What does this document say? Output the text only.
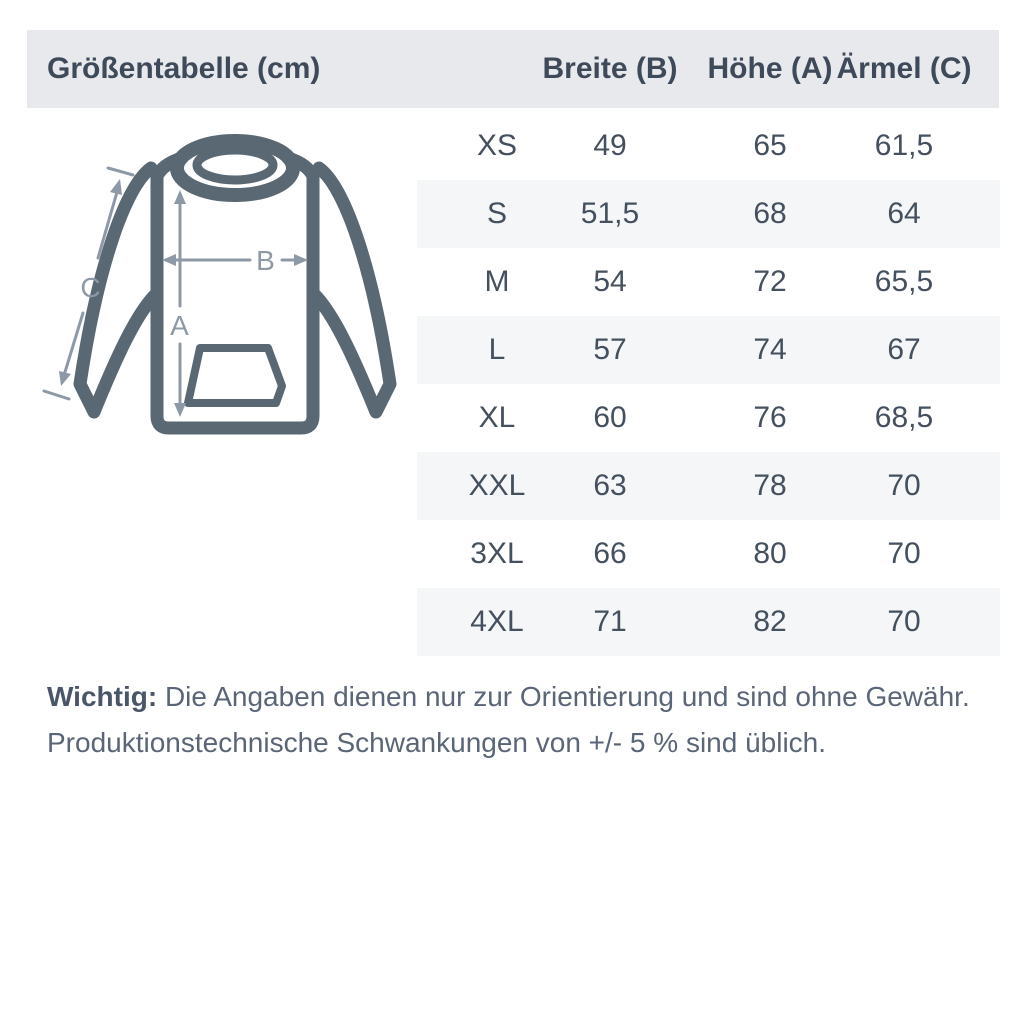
Größentabelle (cm)	Breite (B) Höhe (A) Ärmel (C)
A
B
C
XS	49	65	61,5
S 51,5	68	64
M	54	72	65,5
L	57	74	67
XL	60	76	68,5
XXL 63	78	70
3XL 66	80	70
4XL 71	82	70
Wichtig: Die Angaben dienen nur zur Orientierung und sind ohne Gewähr.
Produktionstechnische Schwankungen von +/- 5 % sind üblich.
